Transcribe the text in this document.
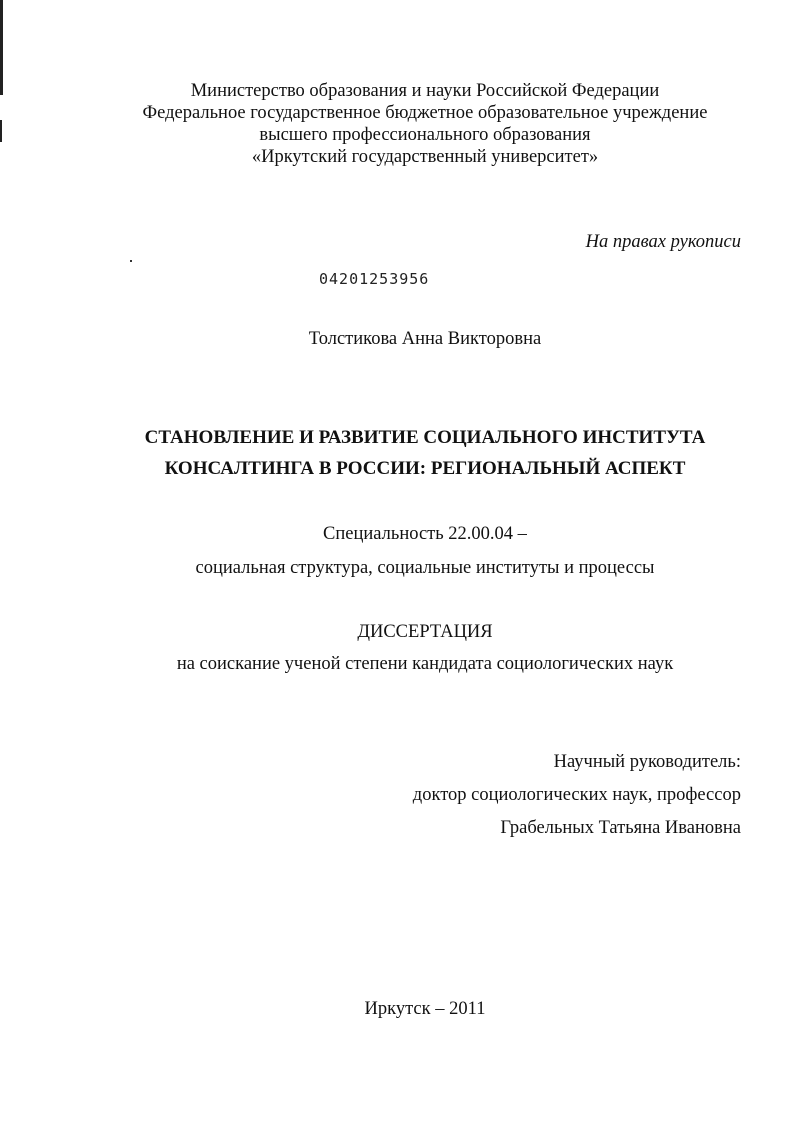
Министерство образования и науки Российской Федерации
Федеральное государственное бюджетное образовательное учреждение
высшего профессионального образования
«Иркутский государственный университет»
На правах рукописи
04201253956
Толстикова Анна Викторовна
СТАНОВЛЕНИЕ И РАЗВИТИЕ СОЦИАЛЬНОГО ИНСТИТУТА
КОНСАЛТИНГА В РОССИИ: РЕГИОНАЛЬНЫЙ АСПЕКТ
Специальность 22.00.04 –
социальная структура, социальные институты и процессы
ДИССЕРТАЦИЯ
на соискание ученой степени кандидата социологических наук
Научный руководитель:
доктор социологических наук, профессор
Грабельных Татьяна Ивановна
Иркутск – 2011
